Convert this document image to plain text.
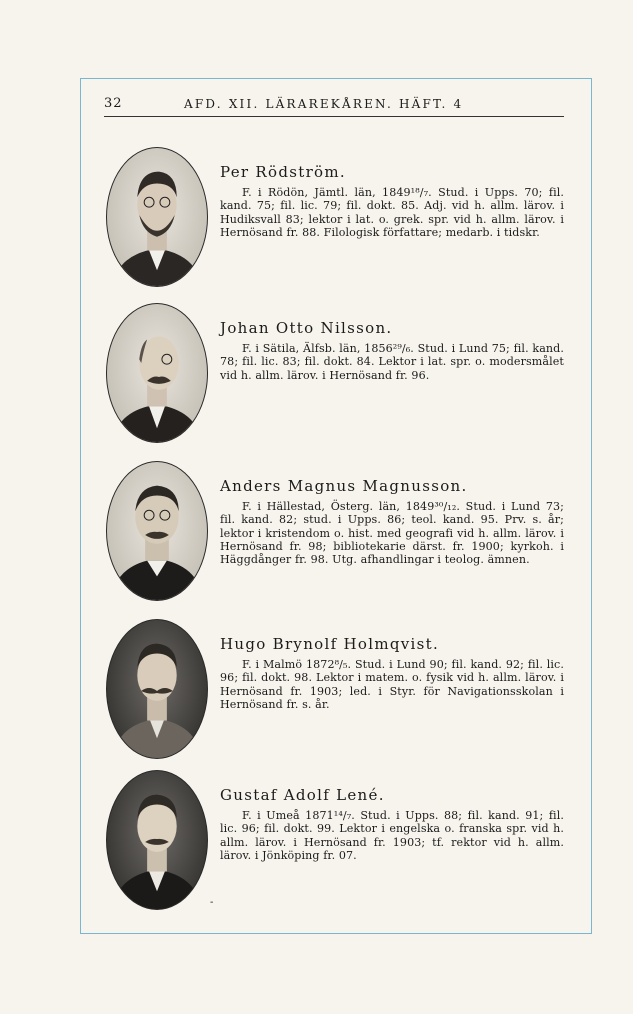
32	AFD. XII. LÄRAREKÅREN. HÄFT. 4
Per Rödström.

F. i Rödön, Jämtl. län, 1849¹⁸/₇. Stud. i Upps. 70; fil. kand. 75; fil. lic. 79; fil. dokt. 85. Adj. vid h. allm. lärov. i Hudiksvall 83; lektor i lat. o. grek. spr. vid h. allm. lärov. i Hernösand fr. 88. Filologisk författare; medarb. i tidskr.

Johan Otto Nilsson.

F. i Sätila, Älfsb. län, 1856²⁹/₆. Stud. i Lund 75; fil. kand. 78; fil. lic. 83; fil. dokt. 84. Lektor i lat. spr. o. modersmålet vid h. allm. lärov. i Hernösand fr. 96.

Anders Magnus Magnusson.

F. i Hällestad, Österg. län, 1849³⁰/₁₂. Stud. i Lund 73; fil. kand. 82; stud. i Upps. 86; teol. kand. 95. Prv. s. år; lektor i kristendom o. hist. med geografi vid h. allm. lärov. i Hernösand fr. 98; bibliotekarie därst. fr. 1900; kyrkoh. i Häggdånger fr. 98. Utg. afhandlingar i teolog. ämnen.

Hugo Brynolf Holmqvist.

F. i Malmö 1872⁸/₅. Stud. i Lund 90; fil. kand. 92; fil. lic. 96; fil. dokt. 98. Lektor i matem. o. fysik vid h. allm. lärov. i Hernösand fr. 1903; led. i Styr. för Navigationsskolan i Hernösand fr. s. år.

Gustaf Adolf Lené.

F. i Umeå 1871¹⁴/₇. Stud. i Upps. 88; fil. kand. 91; fil. lic. 96; fil. dokt. 99. Lektor i engelska o. franska spr. vid h. allm. lärov. i Hernösand fr. 1903; tf. rektor vid h. allm. lärov. i Jönköping fr. 07.

-
